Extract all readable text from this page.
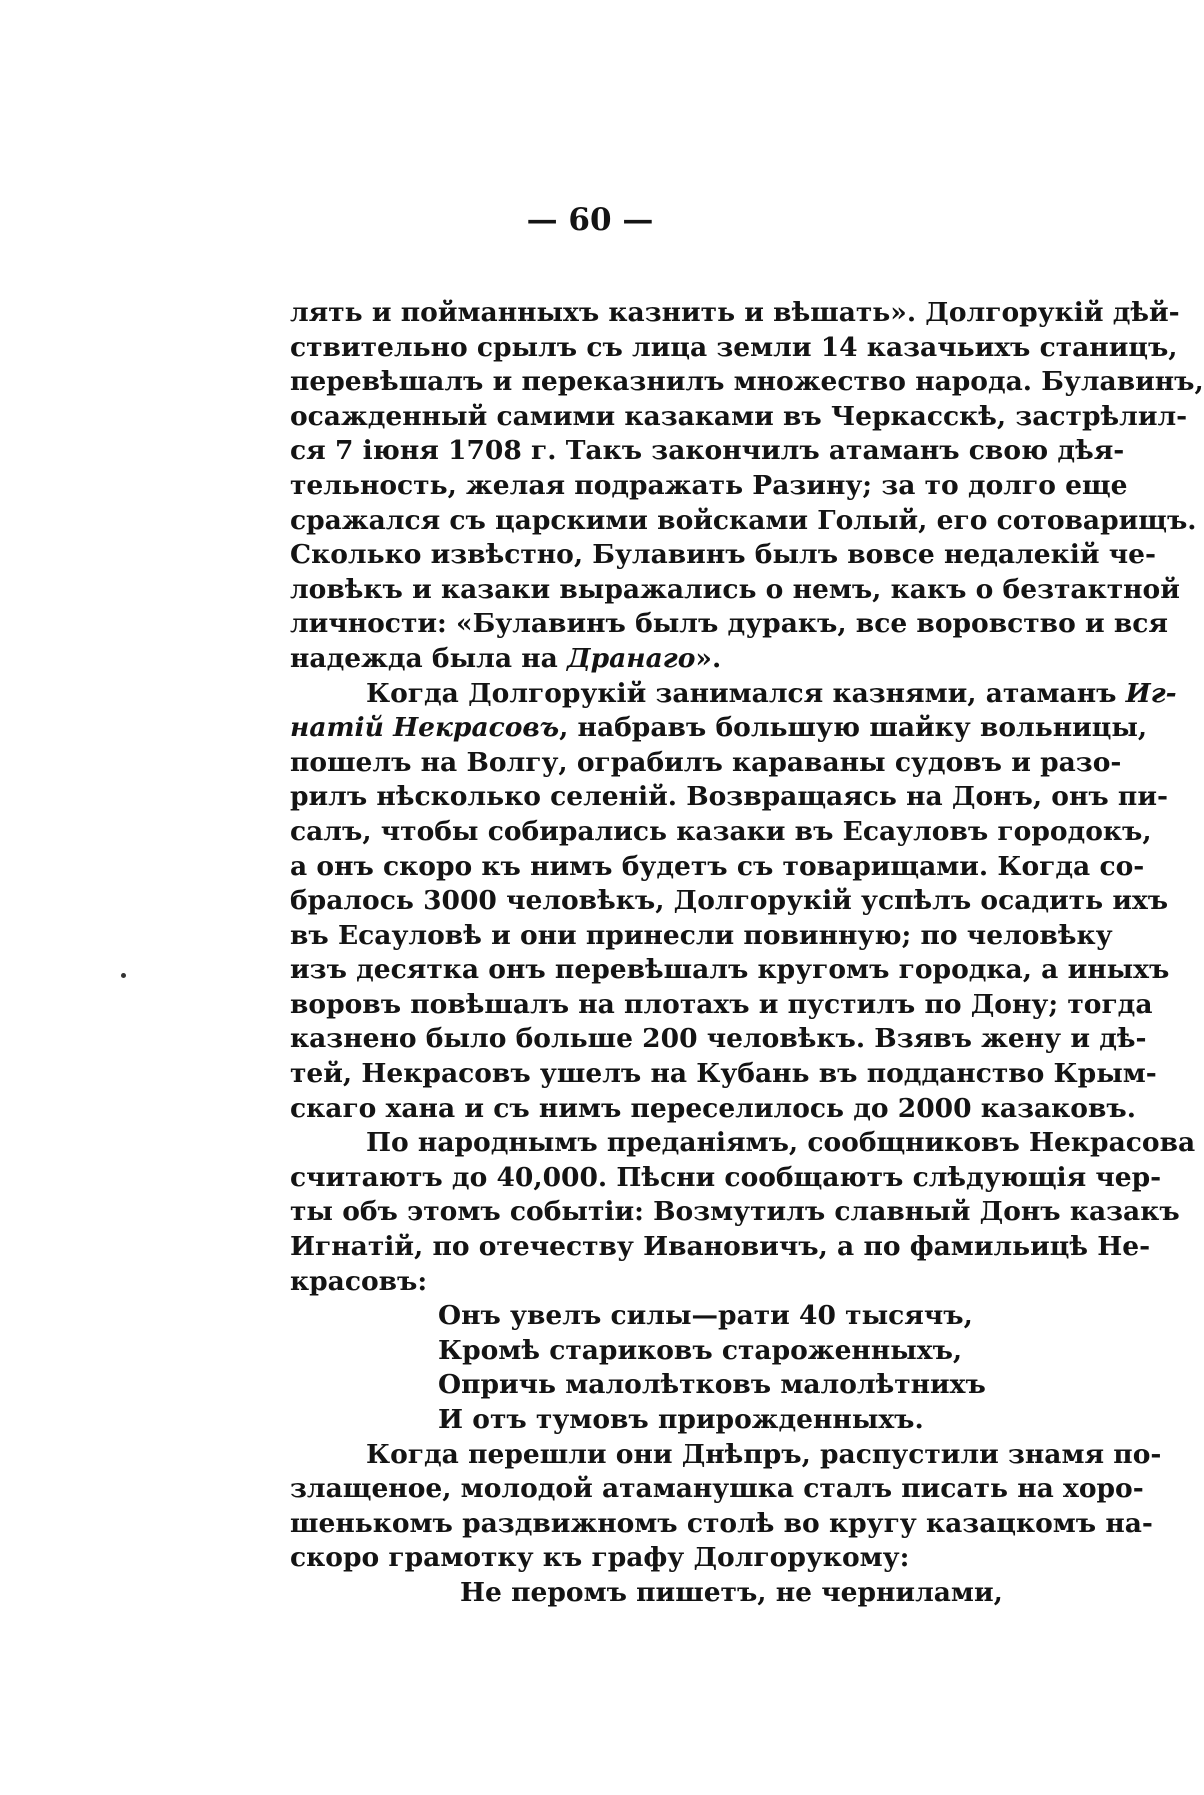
— 60 —
лять и пойманныхъ казнить и вѣшать». Долгорукій дѣй-
ствительно срылъ съ лица земли 14 казачьихъ станицъ,
перевѣшалъ и переказнилъ множество народа. Булавинъ,
осажденный самими казаками въ Черкасскѣ, застрѣлил-
ся 7 іюня 1708 г. Такъ закончилъ атаманъ свою дѣя-
тельность, желая подражать Разину; за то долго еще
сражался съ царскими войсками Голый, его сотоварищъ.
Сколько извѣстно, Булавинъ былъ вовсе недалекій че-
ловѣкъ и казаки выражались о немъ, какъ о безтактной
личности: «Булавинъ былъ дуракъ, все воровство и вся
надежда была на Дранаго».
Когда Долгорукій занимался казнями, атаманъ Иг-
натій Некрасовъ, набравъ большую шайку вольницы,
пошелъ на Волгу, ограбилъ караваны судовъ и разо-
рилъ нѣсколько селеній. Возвращаясь на Донъ, онъ пи-
салъ, чтобы собирались казаки въ Есауловъ городокъ,
а онъ скоро къ нимъ будетъ съ товарищами. Когда со-
бралось 3000 человѣкъ, Долгорукій успѣлъ осадить ихъ
въ Есауловѣ и они принесли повинную; по человѣку
изъ десятка онъ перевѣшалъ кругомъ городка, а иныхъ
воровъ повѣшалъ на плотахъ и пустилъ по Дону; тогда
казнено было больше 200 человѣкъ. Взявъ жену и дѣ-
тей, Некрасовъ ушелъ на Кубань въ подданство Крым-
скаго хана и съ нимъ переселилось до 2000 казаковъ.
По народнымъ преданіямъ, сообщниковъ Некрасова
считаютъ до 40,000. Пѣсни сообщаютъ слѣдующія чер-
ты объ этомъ событіи: Возмутилъ славный Донъ казакъ
Игнатій, по отечеству Ивановичъ, а по фамильицѣ Не-
красовъ:
Онъ увелъ силы—рати 40 тысячъ,
Кромѣ стариковъ староженныхъ,
Опричь малолѣтковъ малолѣтнихъ
И отъ тумовъ прирожденныхъ.
Когда перешли они Днѣпръ, распустили знамя по-
злащеное, молодой атаманушка сталъ писать на хоро-
шенькомъ раздвижномъ столѣ во кругу казацкомъ на-
скоро грамотку къ графу Долгорукому:
Не перомъ пишетъ, не чернилами,
